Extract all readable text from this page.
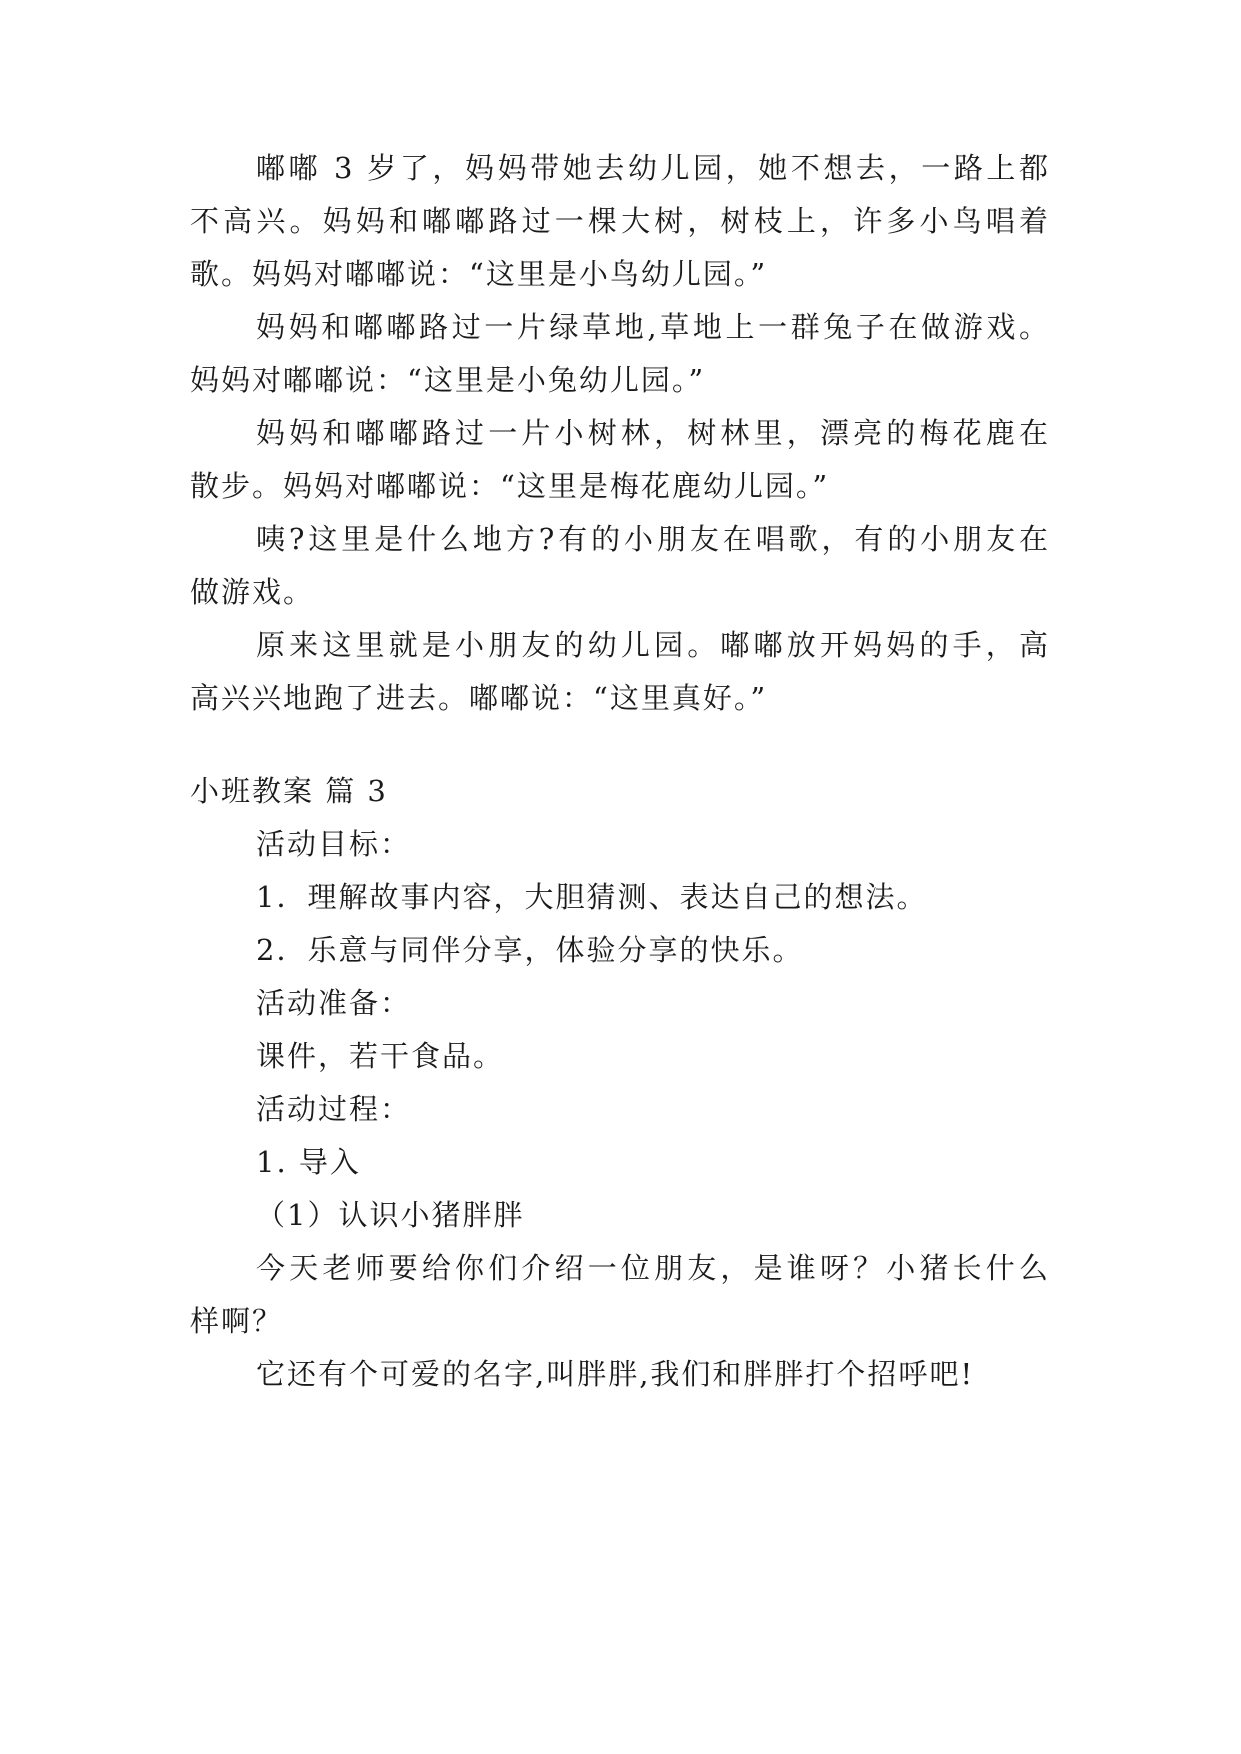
嘟嘟 3 岁了，妈妈带她去幼儿园，她不想去，一路上都
不高兴。妈妈和嘟嘟路过一棵大树，树枝上，许多小鸟唱着
歌。妈妈对嘟嘟说：“这里是小鸟幼儿园。”
妈妈和嘟嘟路过一片绿草地,草地上一群兔子在做游戏。
妈妈对嘟嘟说：“这里是小兔幼儿园。”
妈妈和嘟嘟路过一片小树林，树林里，漂亮的梅花鹿在
散步。妈妈对嘟嘟说：“这里是梅花鹿幼儿园。”
咦?这里是什么地方?有的小朋友在唱歌，有的小朋友在
做游戏。
原来这里就是小朋友的幼儿园。嘟嘟放开妈妈的手，高
高兴兴地跑了进去。嘟嘟说：“这里真好。”
小班教案 篇 3
活动目标：
1．理解故事内容，大胆猜测、表达自己的想法。
2．乐意与同伴分享，体验分享的快乐。
活动准备：
课件，若干食品。
活动过程：
1. 导入
（1）认识小猪胖胖
今天老师要给你们介绍一位朋友，是谁呀？小猪长什么
样啊？
它还有个可爱的名字,叫胖胖,我们和胖胖打个招呼吧!
